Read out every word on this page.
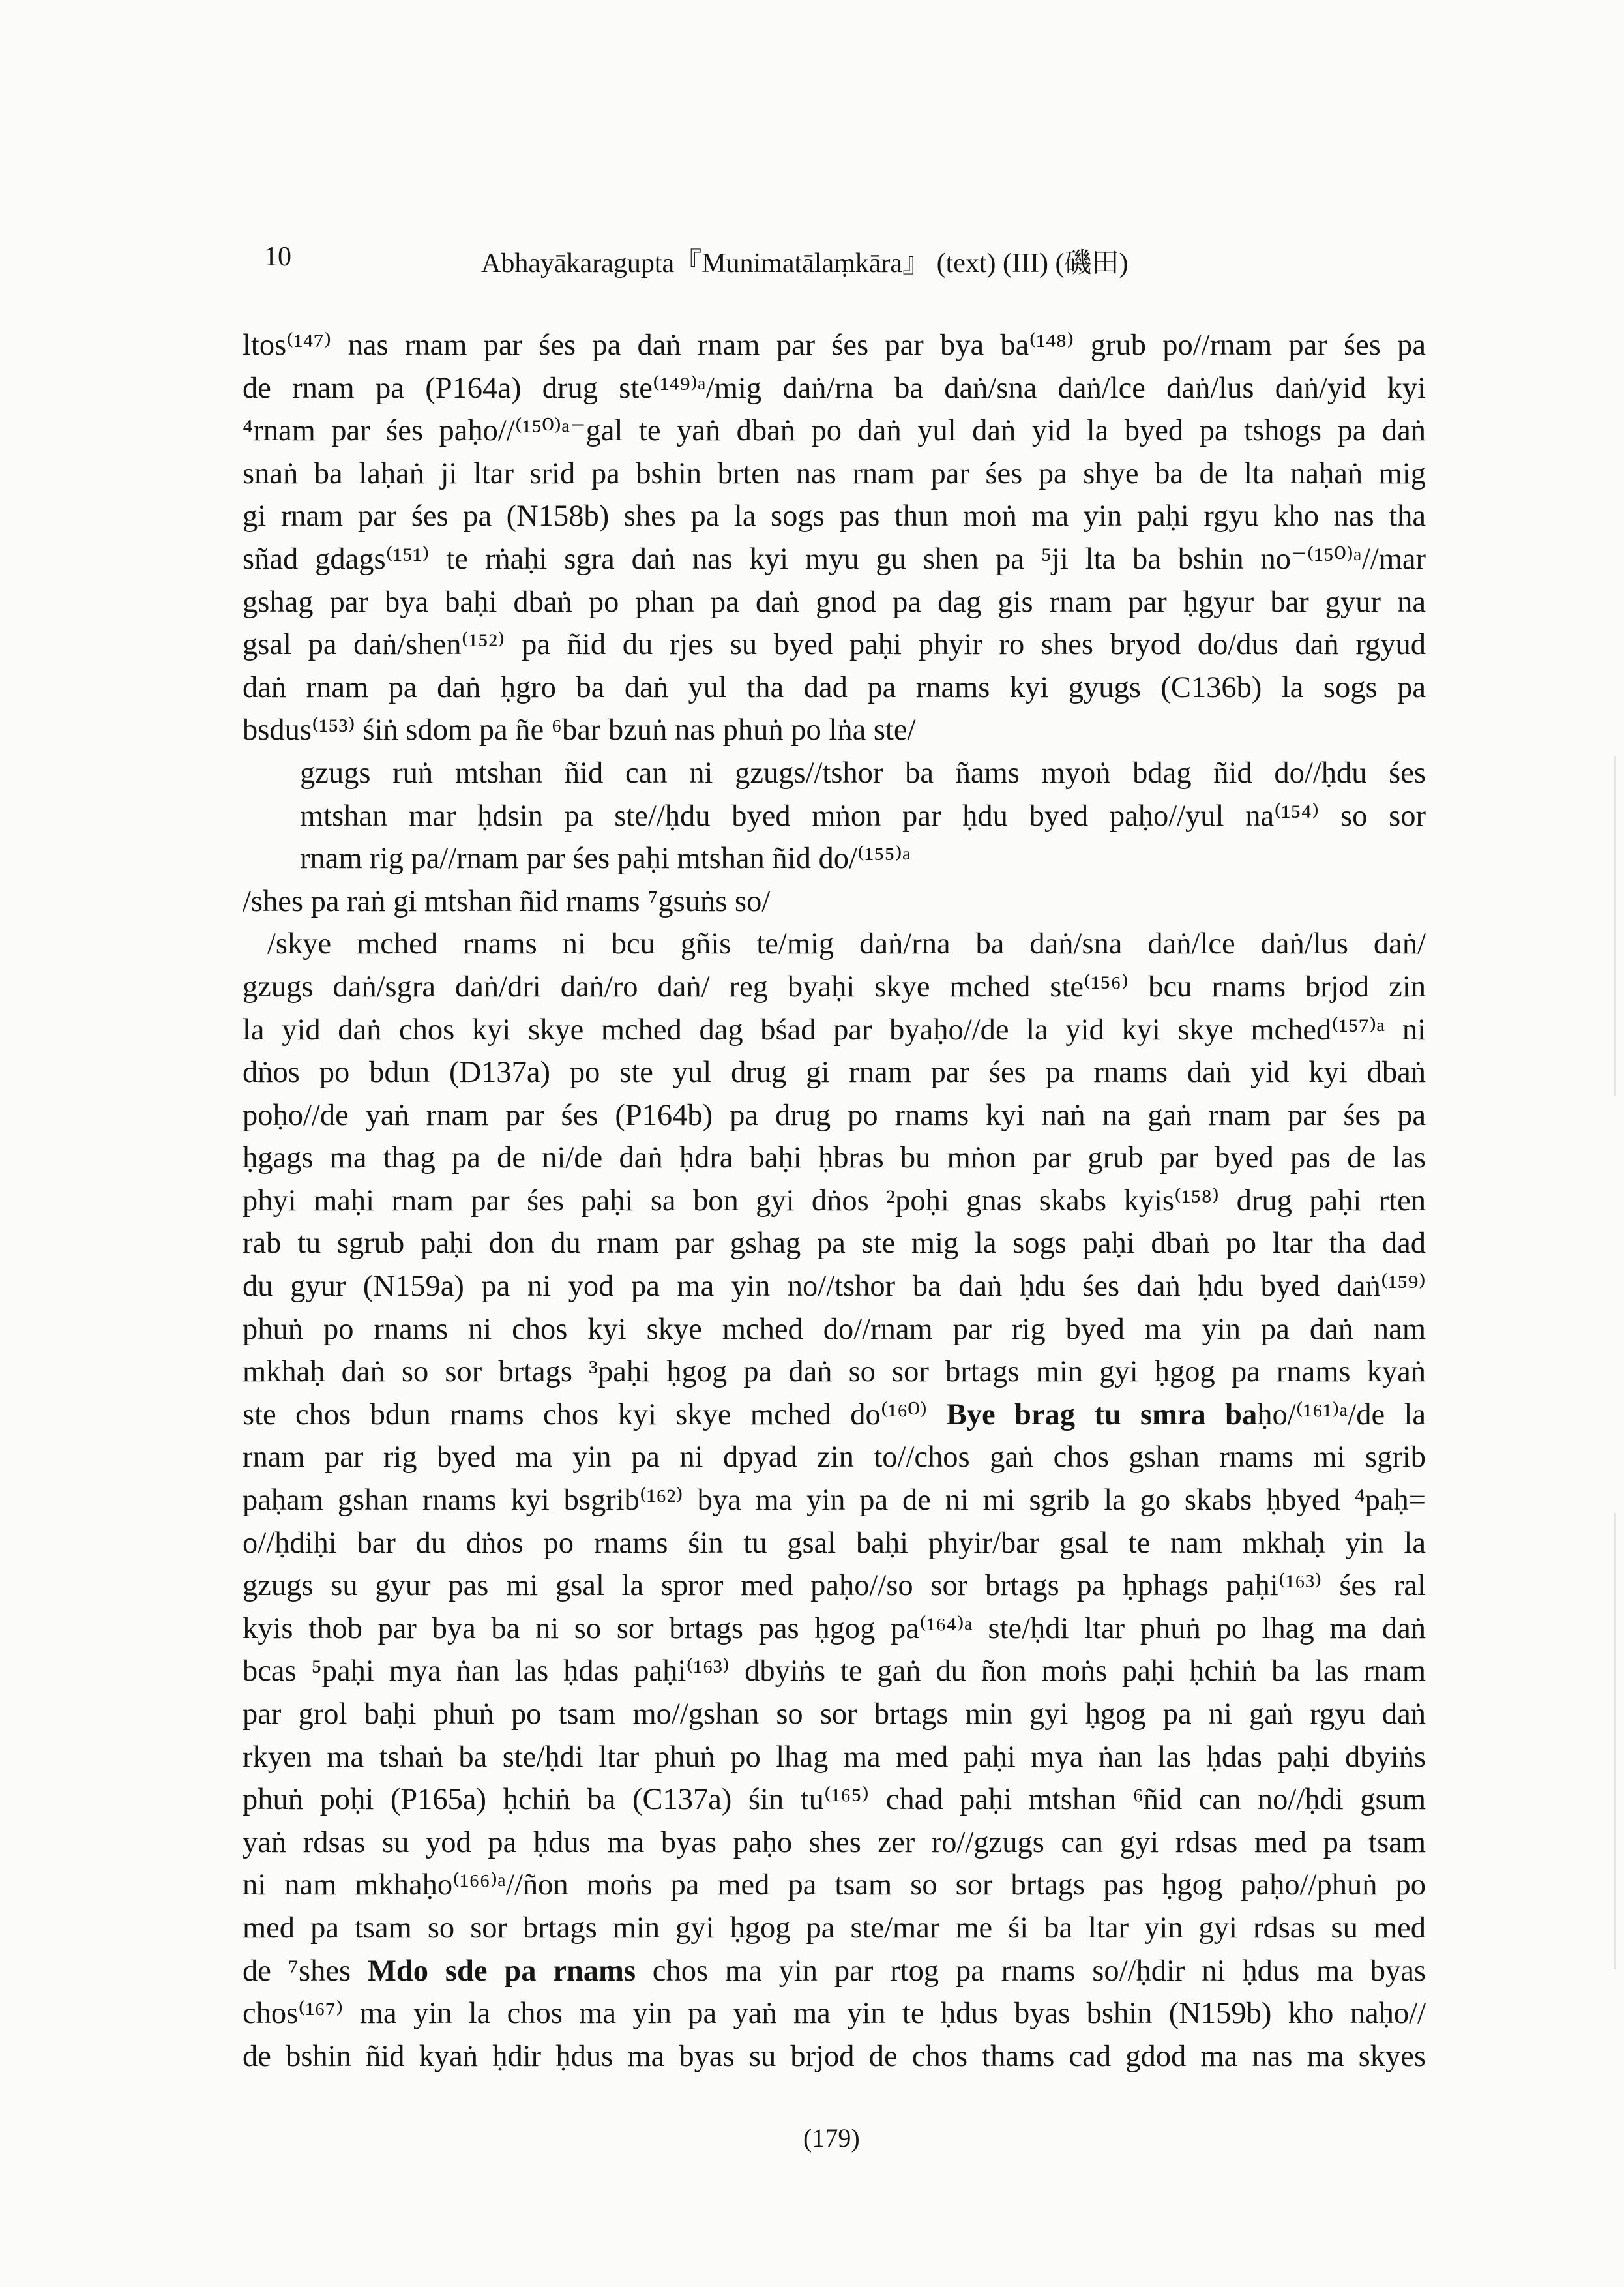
10	Abhayākaragupta『Munimatālaṃkāra』 (text) (III) (磯田)
ltos⁽¹⁴⁷⁾ nas rnam par śes pa daṅ rnam par śes par bya ba⁽¹⁴⁸⁾ grub po//rnam par śes pa
de rnam pa (P164a) drug ste⁽¹⁴⁹⁾ᵃ/mig daṅ/rna ba daṅ/sna daṅ/lce daṅ/lus daṅ/yid kyi
⁴rnam par śes paḥo//⁽¹⁵⁰⁾ᵃ⁻gal te yaṅ dbaṅ po daṅ yul daṅ yid la byed pa tshogs pa daṅ
snaṅ ba laḥaṅ ji ltar srid pa bshin brten nas rnam par śes pa shye ba de lta naḥaṅ mig
gi rnam par śes pa (N158b) shes pa la sogs pas thun moṅ ma yin paḥi rgyu kho nas tha
sñad gdags⁽¹⁵¹⁾ te rṅaḥi sgra daṅ nas kyi myu gu shen pa ⁵ji lta ba bshin no⁻⁽¹⁵⁰⁾ᵃ//mar
gshag par bya baḥi dbaṅ po phan pa daṅ gnod pa dag gis rnam par ḥgyur bar gyur na
gsal pa daṅ/shen⁽¹⁵²⁾ pa ñid du rjes su byed paḥi phyir ro shes bryod do/dus daṅ rgyud
daṅ rnam pa daṅ ḥgro ba daṅ yul tha dad pa rnams kyi gyugs (C136b) la sogs pa
bsdus⁽¹⁵³⁾ śiṅ sdom pa ñe ⁶bar bzuṅ nas phuṅ po lṅa ste/
gzugs ruṅ mtshan ñid can ni gzugs//tshor ba ñams myoṅ bdag ñid do//ḥdu śes
mtshan mar ḥdsin pa ste//ḥdu byed mṅon par ḥdu byed paḥo//yul na⁽¹⁵⁴⁾ so sor
rnam rig pa//rnam par śes paḥi mtshan ñid do/⁽¹⁵⁵⁾ᵃ
/shes pa raṅ gi mtshan ñid rnams ⁷gsuṅs so/
/skye mched rnams ni bcu gñis te/mig daṅ/rna ba daṅ/sna daṅ/lce daṅ/lus daṅ/
gzugs daṅ/sgra daṅ/dri daṅ/ro daṅ/ reg byaḥi skye mched ste⁽¹⁵⁶⁾ bcu rnams brjod zin
la yid daṅ chos kyi skye mched dag bśad par byaḥo//de la yid kyi skye mched⁽¹⁵⁷⁾ᵃ ni
dṅos po bdun (D137a) po ste yul drug gi rnam par śes pa rnams daṅ yid kyi dbaṅ
poḥo//de yaṅ rnam par śes (P164b) pa drug po rnams kyi naṅ na gaṅ rnam par śes pa
ḥgags ma thag pa de ni/de daṅ ḥdra baḥi ḥbras bu mṅon par grub par byed pas de las
phyi maḥi rnam par śes paḥi sa bon gyi dṅos ²poḥi gnas skabs kyis⁽¹⁵⁸⁾ drug paḥi rten
rab tu sgrub paḥi don du rnam par gshag pa ste mig la sogs paḥi dbaṅ po ltar tha dad
du gyur (N159a) pa ni yod pa ma yin no//tshor ba daṅ ḥdu śes daṅ ḥdu byed daṅ⁽¹⁵⁹⁾
phuṅ po rnams ni chos kyi skye mched do//rnam par rig byed ma yin pa daṅ nam
mkhaḥ daṅ so sor brtags ³paḥi ḥgog pa daṅ so sor brtags min gyi ḥgog pa rnams kyaṅ
ste chos bdun rnams chos kyi skye mched do⁽¹⁶⁰⁾ Bye brag tu smra baḥo/⁽¹⁶¹⁾ᵃ/de la
rnam par rig byed ma yin pa ni dpyad zin to//chos gaṅ chos gshan rnams mi sgrib
paḥam gshan rnams kyi bsgrib⁽¹⁶²⁾ bya ma yin pa de ni mi sgrib la go skabs ḥbyed ⁴paḥ=
o//ḥdiḥi bar du dṅos po rnams śin tu gsal baḥi phyir/bar gsal te nam mkhaḥ yin la
gzugs su gyur pas mi gsal la spror med paḥo//so sor brtags pa ḥphags paḥi⁽¹⁶³⁾ śes ral
kyis thob par bya ba ni so sor brtags pas ḥgog pa⁽¹⁶⁴⁾ᵃ ste/ḥdi ltar phuṅ po lhag ma daṅ
bcas ⁵paḥi mya ṅan las ḥdas paḥi⁽¹⁶³⁾ dbyiṅs te gaṅ du ñon moṅs paḥi ḥchiṅ ba las rnam
par grol baḥi phuṅ po tsam mo//gshan so sor brtags min gyi ḥgog pa ni gaṅ rgyu daṅ
rkyen ma tshaṅ ba ste/ḥdi ltar phuṅ po lhag ma med paḥi mya ṅan las ḥdas paḥi dbyiṅs
phuṅ poḥi (P165a) ḥchiṅ ba (C137a) śin tu⁽¹⁶⁵⁾ chad paḥi mtshan ⁶ñid can no//ḥdi gsum
yaṅ rdsas su yod pa ḥdus ma byas paḥo shes zer ro//gzugs can gyi rdsas med pa tsam
ni nam mkhaḥo⁽¹⁶⁶⁾ᵃ//ñon moṅs pa med pa tsam so sor brtags pas ḥgog paḥo//phuṅ po
med pa tsam so sor brtags min gyi ḥgog pa ste/mar me śi ba ltar yin gyi rdsas su med
de ⁷shes Mdo sde pa rnams chos ma yin par rtog pa rnams so//ḥdir ni ḥdus ma byas
chos⁽¹⁶⁷⁾ ma yin la chos ma yin pa yaṅ ma yin te ḥdus byas bshin (N159b) kho naḥo//
de bshin ñid kyaṅ ḥdir ḥdus ma byas su brjod de chos thams cad gdod ma nas ma skyes
(179)
